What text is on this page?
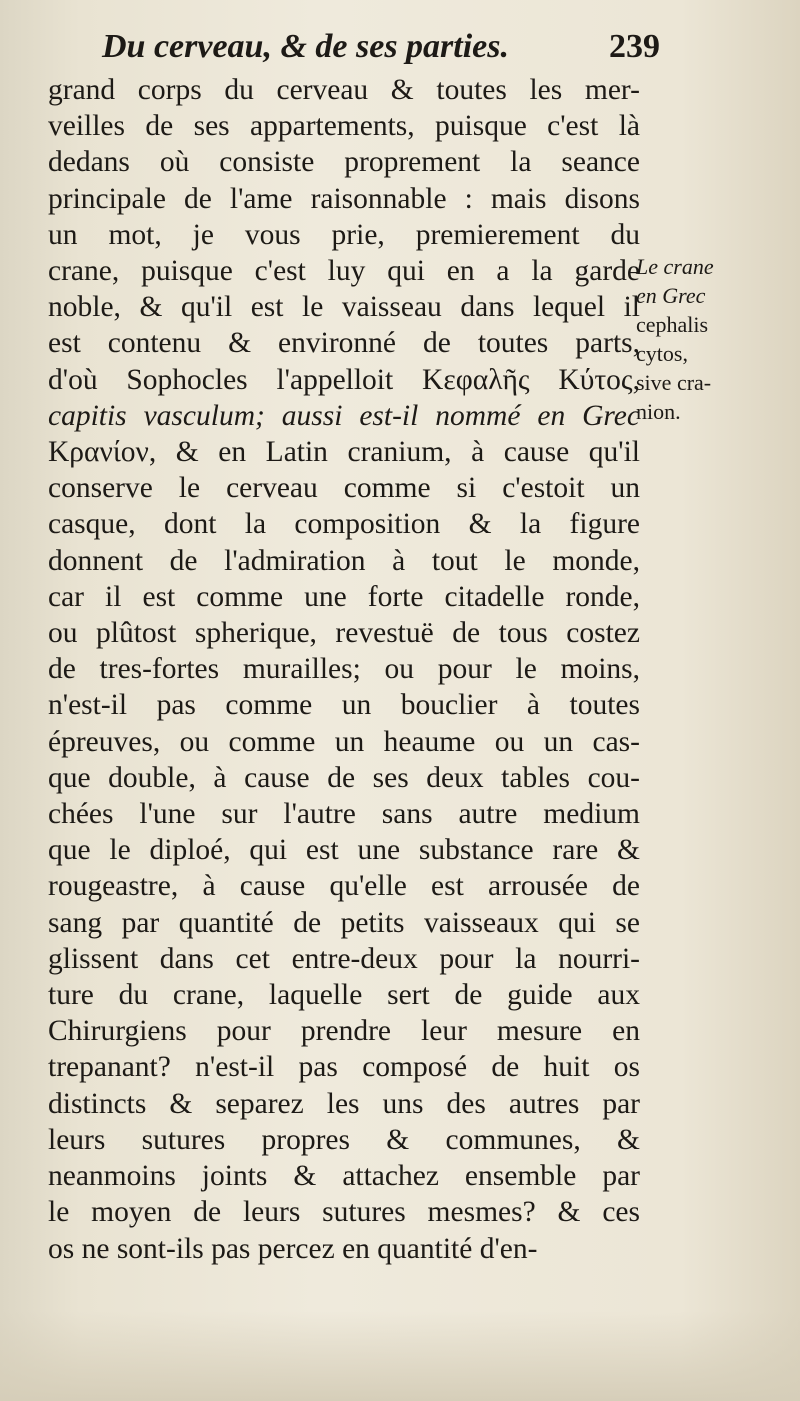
Du cerveau, & de ses parties.	239

grand corps du cerveau & toutes les mer-
veilles de ses appartements, puisque c'est là
dedans où consiste proprement la seance
principale de l'ame raisonnable : mais disons
un mot, je vous prie, premierement du
crane, puisque c'est luy qui en a la garde
noble, & qu'il est le vaisseau dans lequel il
est contenu & environné de toutes parts,
d'où Sophocles l'appelloit Κεφαλῆς Κύτος,
capitis vasculum; aussi est-il nommé en Grec
Κρανίον, & en Latin cranium, à cause qu'il
conserve le cerveau comme si c'estoit un
casque, dont la composition & la figure
donnent de l'admiration à tout le monde,
car il est comme une forte citadelle ronde,
ou plûtost spherique, revestuë de tous costez
de tres-fortes murailles; ou pour le moins,
n'est-il pas comme un bouclier à toutes
épreuves, ou comme un heaume ou un cas-
que double, à cause de ses deux tables cou-
chées l'une sur l'autre sans autre medium
que le diploé, qui est une substance rare &
rougeastre, à cause qu'elle est arrousée de
sang par quantité de petits vaisseaux qui se
glissent dans cet entre-deux pour la nourri-
ture du crane, laquelle sert de guide aux
Chirurgiens pour prendre leur mesure en
trepanant? n'est-il pas composé de huit os
distincts & separez les uns des autres par
leurs sutures propres & communes, &
neanmoins joints & attachez ensemble par
le moyen de leurs sutures mesmes? & ces
os ne sont-ils pas percez en quantité d'en-

Le crane
en Grec
cephalis
cytos,
sive cra-
nion.
